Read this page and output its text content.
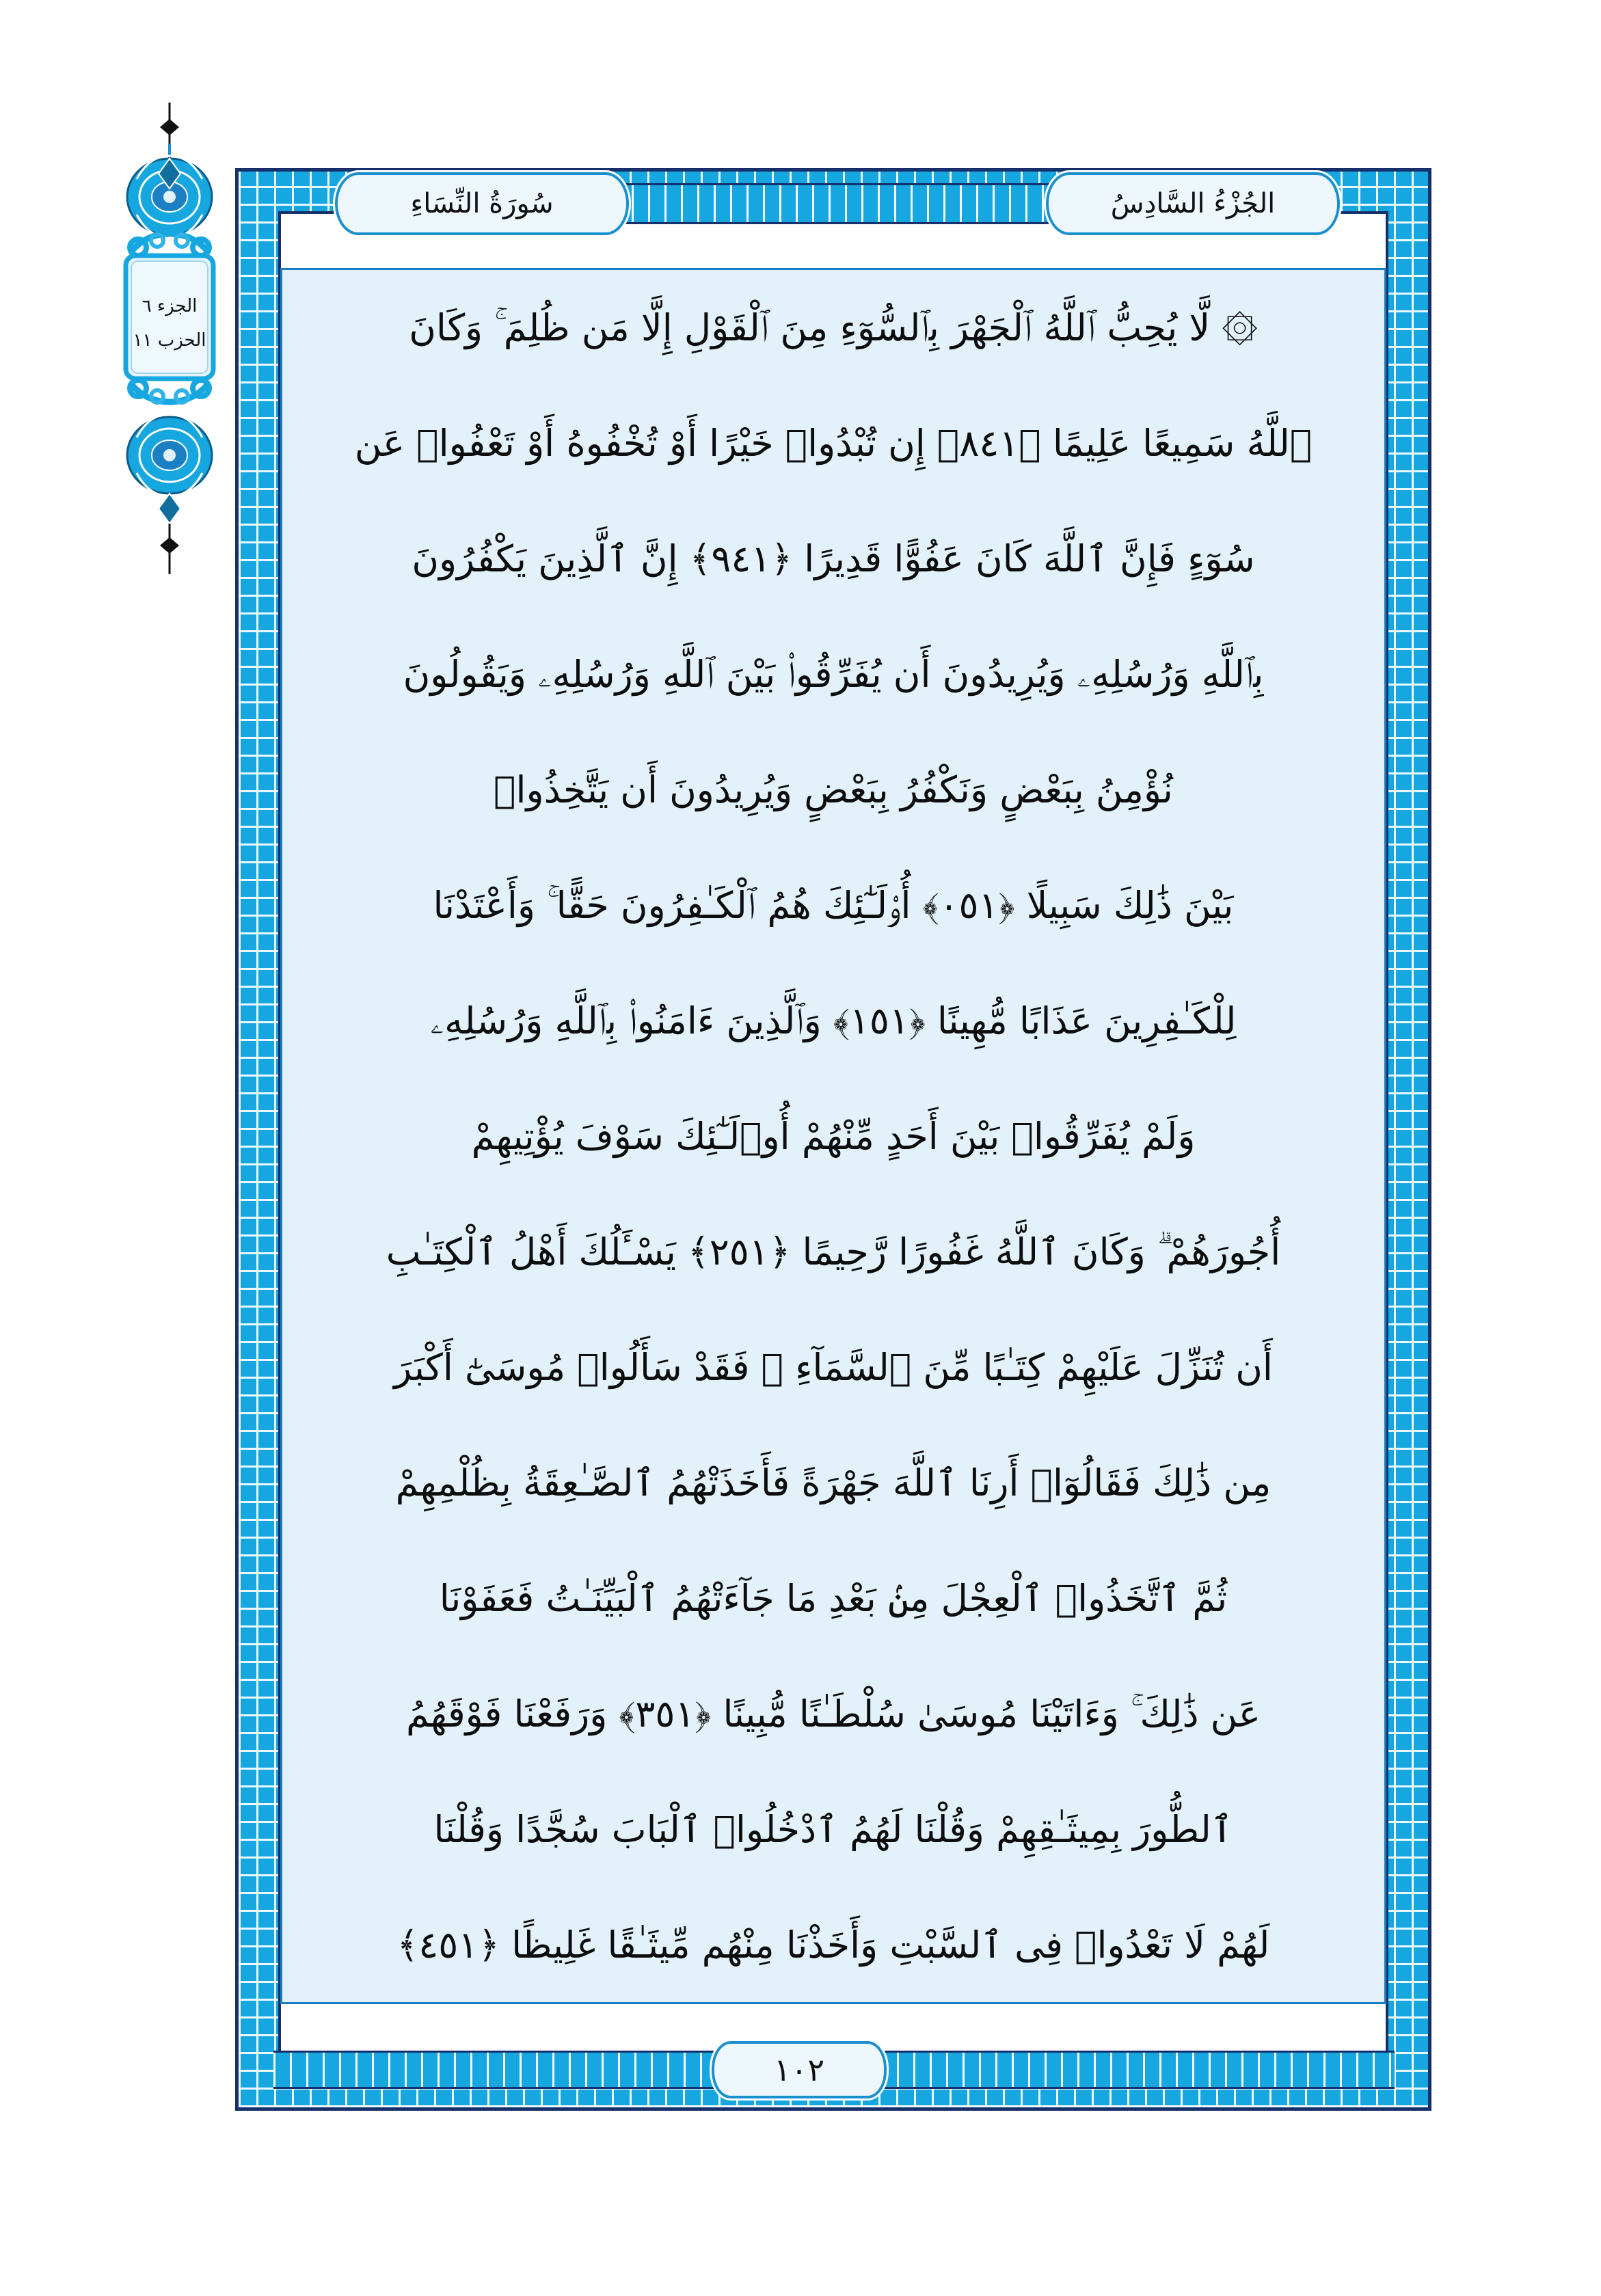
الجزء ٦
الحزب ١١
سُورَةُ النِّسَاءِ	الجُزْءُ السَّادِسُ
۞ لَّا يُحِبُّ ٱللَّهُ ٱلْجَهْرَ بِٱلسُّوٓءِ مِنَ ٱلْقَوْلِ إِلَّا مَن ظُلِمَ ۚ وَكَانَ
ٱللَّهُ سَمِيعًا عَلِيمًا ﴿١٤٨﴾ إِن تُبْدُوا۟ خَيْرًا أَوْ تُخْفُوهُ أَوْ تَعْفُوا۟ عَن
سُوٓءٍ فَإِنَّ ٱللَّهَ كَانَ عَفُوًّا قَدِيرًا ﴿١٤٩﴾ إِنَّ ٱلَّذِينَ يَكْفُرُونَ
بِٱللَّهِ وَرُسُلِهِۦ وَيُرِيدُونَ أَن يُفَرِّقُوا۟ بَيْنَ ٱللَّهِ وَرُسُلِهِۦ وَيَقُولُونَ
نُؤْمِنُ بِبَعْضٍ وَنَكْفُرُ بِبَعْضٍ وَيُرِيدُونَ أَن يَتَّخِذُوا۟
بَيْنَ ذَٰلِكَ سَبِيلًا ﴿١٥٠﴾ أُو۟لَـٰٓئِكَ هُمُ ٱلْكَـٰفِرُونَ حَقًّا ۚ وَأَعْتَدْنَا
لِلْكَـٰفِرِينَ عَذَابًا مُّهِينًا ﴿١٥١﴾ وَٱلَّذِينَ ءَامَنُوا۟ بِٱللَّهِ وَرُسُلِهِۦ
وَلَمْ يُفَرِّقُوا۟ بَيْنَ أَحَدٍ مِّنْهُمْ أُو۟لَـٰٓئِكَ سَوْفَ يُؤْتِيهِمْ
أُجُورَهُمْ ۗ وَكَانَ ٱللَّهُ غَفُورًا رَّحِيمًا ﴿١٥٢﴾ يَسْـَٔلُكَ أَهْلُ ٱلْكِتَـٰبِ
أَن تُنَزِّلَ عَلَيْهِمْ كِتَـٰبًا مِّنَ ٱلسَّمَآءِ ۚ فَقَدْ سَأَلُوا۟ مُوسَىٰٓ أَكْبَرَ
مِن ذَٰلِكَ فَقَالُوٓا۟ أَرِنَا ٱللَّهَ جَهْرَةً فَأَخَذَتْهُمُ ٱلصَّـٰعِقَةُ بِظُلْمِهِمْ
ثُمَّ ٱتَّخَذُوا۟ ٱلْعِجْلَ مِنۢ بَعْدِ مَا جَآءَتْهُمُ ٱلْبَيِّنَـٰتُ فَعَفَوْنَا
عَن ذَٰلِكَ ۚ وَءَاتَيْنَا مُوسَىٰ سُلْطَـٰنًا مُّبِينًا ﴿١٥٣﴾ وَرَفَعْنَا فَوْقَهُمُ
ٱلطُّورَ بِمِيثَـٰقِهِمْ وَقُلْنَا لَهُمُ ٱدْخُلُوا۟ ٱلْبَابَ سُجَّدًا وَقُلْنَا
لَهُمْ لَا تَعْدُوا۟ فِى ٱلسَّبْتِ وَأَخَذْنَا مِنْهُم مِّيثَـٰقًا غَلِيظًا ﴿١٥٤﴾
١٠٢
